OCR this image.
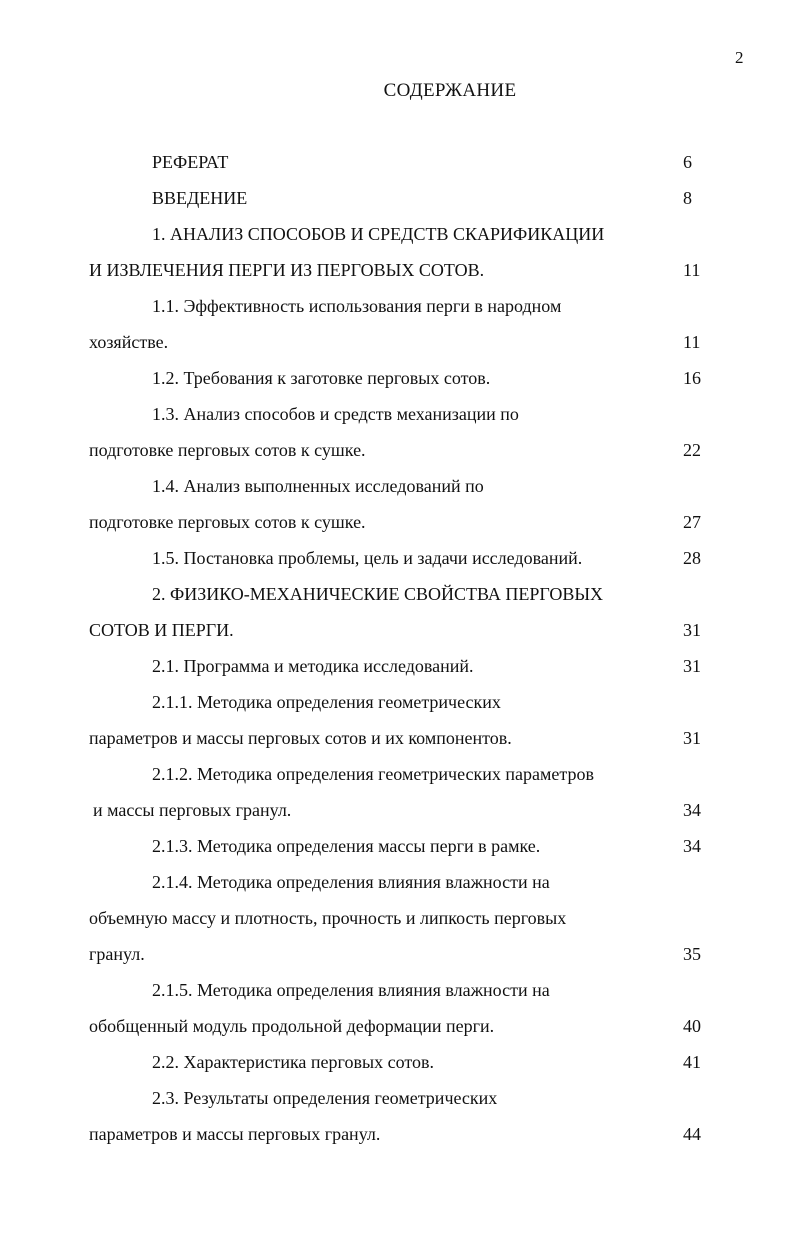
2
СОДЕРЖАНИЕ
РЕФЕРАТ	6
ВВЕДЕНИЕ	8
1. АНАЛИЗ СПОСОБОВ И СРЕДСТВ СКАРИФИКАЦИИ
И ИЗВЛЕЧЕНИЯ ПЕРГИ ИЗ ПЕРГОВЫХ СОТОВ.	11
1.1. Эффективность использования перги в народном
хозяйстве.	11
1.2. Требования к заготовке перговых сотов.	16
1.3. Анализ способов и средств механизации по
подготовке перговых сотов к сушке.	22
1.4. Анализ выполненных исследований по
подготовке перговых сотов к сушке.	27
1.5. Постановка проблемы, цель и задачи исследований.	28
2. ФИЗИКО-МЕХАНИЧЕСКИЕ СВОЙСТВА ПЕРГОВЫХ
СОТОВ И ПЕРГИ.	31
2.1. Программа и методика исследований.	31
2.1.1. Методика определения геометрических
параметров и массы перговых сотов и их компонентов.	31
2.1.2. Методика определения геометрических параметров
и массы перговых гранул.	34
2.1.3. Методика определения массы перги в рамке.	34
2.1.4. Методика определения влияния влажности на
объемную массу и плотность, прочность и липкость перговых
гранул.	35
2.1.5. Методика определения влияния влажности на
обобщенный модуль продольной деформации перги.	40
2.2. Характеристика перговых сотов.	41
2.3. Результаты определения геометрических
параметров и массы перговых гранул.	44
